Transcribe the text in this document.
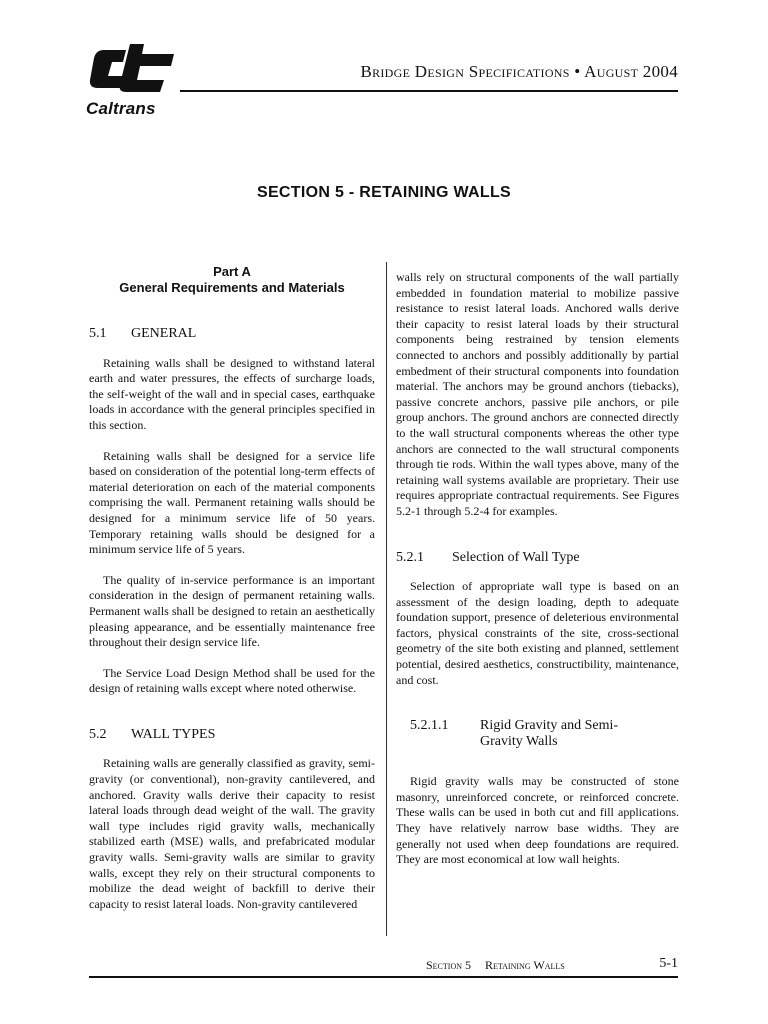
Caltrans
Bridge Design Specifications • August 2004
SECTION 5 - RETAINING WALLS
Part A
General Requirements and Materials
5.1	GENERAL

Retaining walls shall be designed to withstand lateral earth and water pressures, the effects of surcharge loads, the self-weight of the wall and in special cases, earthquake loads in accordance with the general principles specified in this section.

Retaining walls shall be designed for a service life based on consideration of the potential long-term effects of material deterioration on each of the material components comprising the wall. Permanent retaining walls should be designed for a minimum service life of 50 years. Temporary retaining walls should be designed for a minimum service life of 5 years.

The quality of in-service performance is an important consideration in the design of permanent retaining walls. Permanent walls shall be designed to retain an aesthetically pleasing appearance, and be essentially maintenance free throughout their design service life.

The Service Load Design Method shall be used for the design of retaining walls except where noted otherwise.

5.2	WALL TYPES

Retaining walls are generally classified as gravity, semi-gravity (or conventional), non-gravity cantilevered, and anchored. Gravity walls derive their capacity to resist lateral loads through dead weight of the wall. The gravity wall type includes rigid gravity walls, mechanically stabilized earth (MSE) walls, and prefabricated modular gravity walls. Semi-gravity walls are similar to gravity walls, except they rely on their structural components to mobilize the dead weight of backfill to derive their capacity to resist lateral loads. Non-gravity cantilevered

walls rely on structural components of the wall partially embedded in foundation material to mobilize passive resistance to resist lateral loads. Anchored walls derive their capacity to resist lateral loads by their structural components being restrained by tension elements connected to anchors and possibly additionally by partial embedment of their structural components into foundation material. The anchors may be ground anchors (tiebacks), passive concrete anchors, passive pile anchors, or pile group anchors. The ground anchors are connected directly to the wall structural components whereas the other type anchors are connected to the wall structural components through tie rods. Within the wall types above, many of the retaining wall systems available are proprietary. Their use requires appropriate contractual requirements. See Figures 5.2-1 through 5.2-4 for examples.

5.2.1	Selection of Wall Type

Selection of appropriate wall type is based on an assessment of the design loading, depth to adequate foundation support, presence of deleterious environmental factors, physical constraints of the site, cross-sectional geometry of the site both existing and planned, settlement potential, desired aesthetics, constructibility, maintenance, and cost.

5.2.1.1	Rigid Gravity and Semi-Gravity Walls

Rigid gravity walls may be constructed of stone masonry, unreinforced concrete, or reinforced concrete. These walls can be used in both cut and fill applications. They have relatively narrow base widths. They are generally not used when deep foundations are required. They are most economical at low wall heights.

Section 5 Retaining Walls	5-1
